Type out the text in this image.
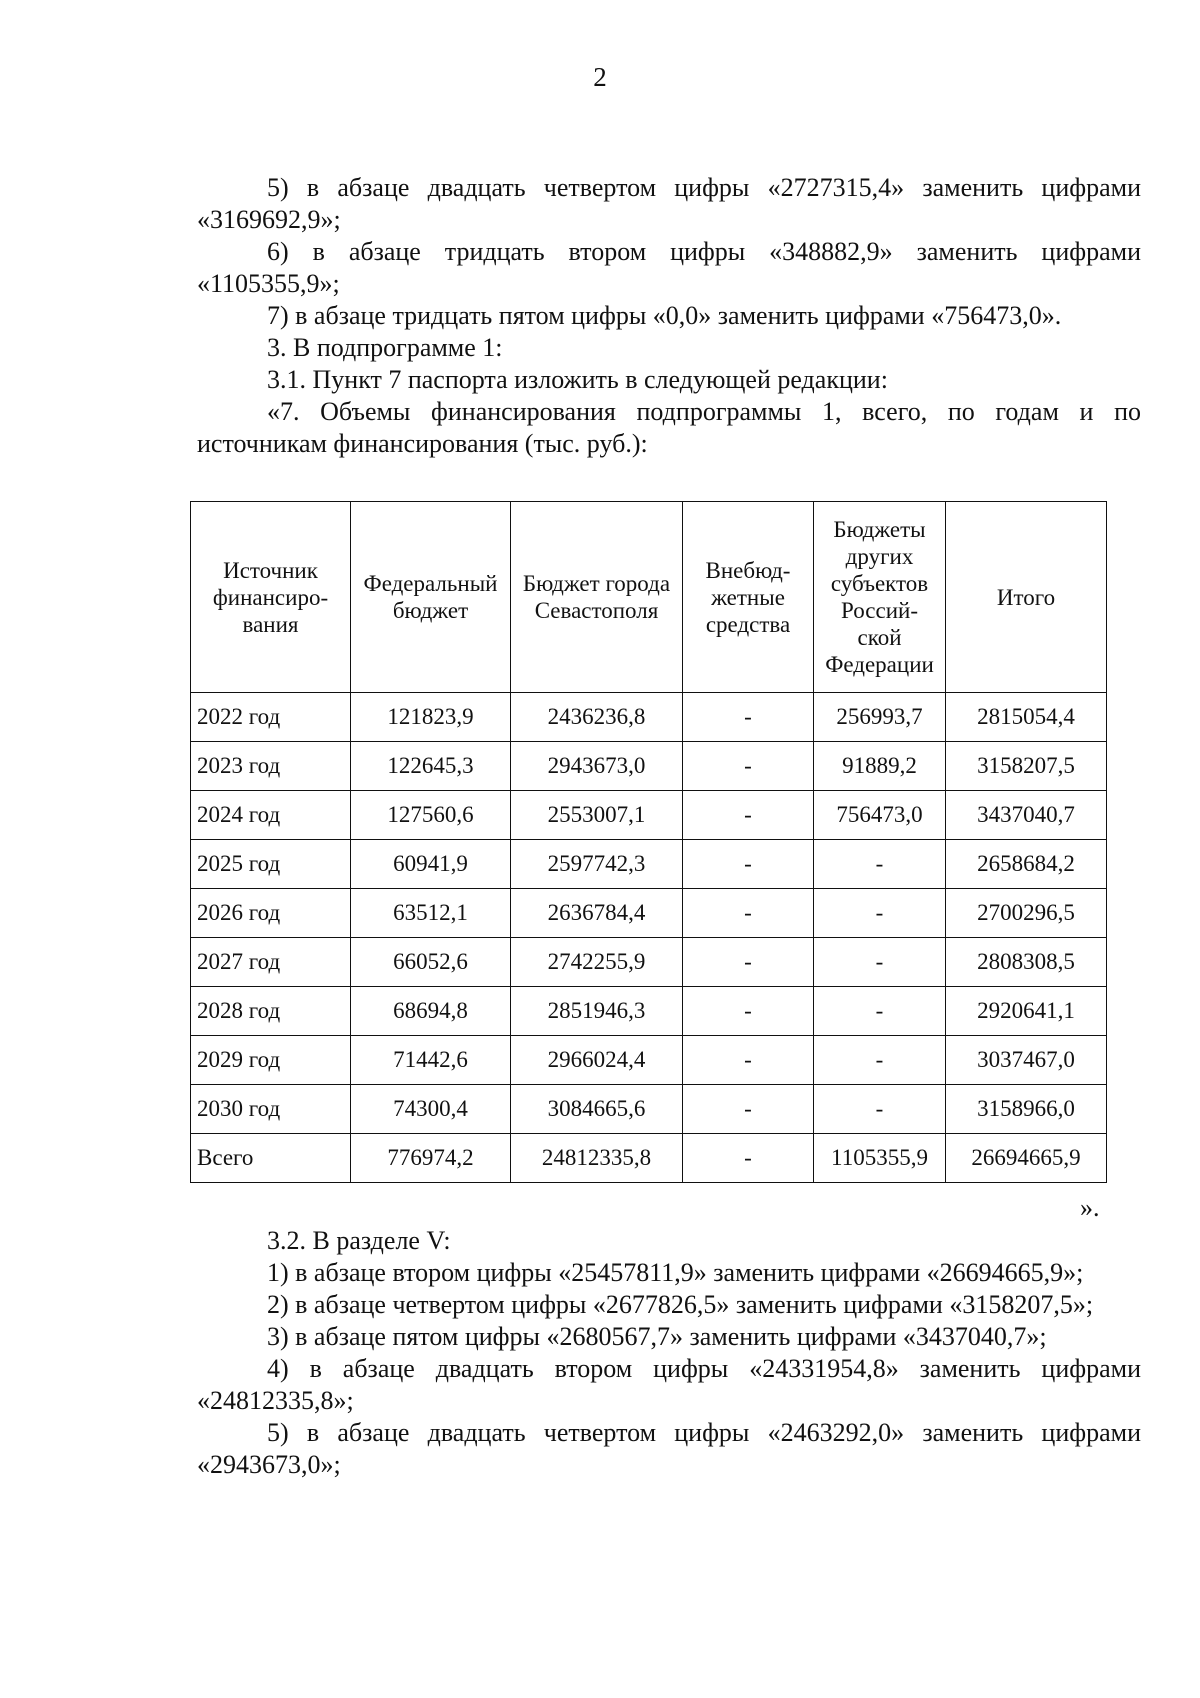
2

5) в абзаце двадцать четвертом цифры «2727315,4» заменить цифрами «3169692,9»;

6) в абзаце тридцать втором цифры «348882,9» заменить цифрами «1105355,9»;

7) в абзаце тридцать пятом цифры «0,0» заменить цифрами «756473,0».

3. В подпрограмме 1:

3.1. Пункт 7 паспорта изложить в следующей редакции:

«7. Объемы финансирования подпрограммы 1, всего, по годам и по источникам финансирования (тыс. руб.):

Источник финансиро-вания	Федеральный бюджет	Бюджет города Севастополя	Внебюд-жетные средства	Бюджеты других субъектов Россий-ской Федерации	Итого
2022 год	121823,9	2436236,8	-	256993,7	2815054,4
2023 год	122645,3	2943673,0	-	91889,2	3158207,5
2024 год	127560,6	2553007,1	-	756473,0	3437040,7
2025 год	60941,9	2597742,3	-	-	2658684,2
2026 год	63512,1	2636784,4	-	-	2700296,5
2027 год	66052,6	2742255,9	-	-	2808308,5
2028 год	68694,8	2851946,3	-	-	2920641,1
2029 год	71442,6	2966024,4	-	-	3037467,0
2030 год	74300,4	3084665,6	-	-	3158966,0
Всего	776974,2	24812335,8	-	1105355,9	26694665,9
».

3.2. В разделе V:

1) в абзаце втором цифры «25457811,9» заменить цифрами «26694665,9»;

2) в абзаце четвертом цифры «2677826,5» заменить цифрами «3158207,5»;

3) в абзаце пятом цифры «2680567,7» заменить цифрами «3437040,7»;

4) в абзаце двадцать втором цифры «24331954,8» заменить цифрами «24812335,8»;

5) в абзаце двадцать четвертом цифры «2463292,0» заменить цифрами «2943673,0»;
